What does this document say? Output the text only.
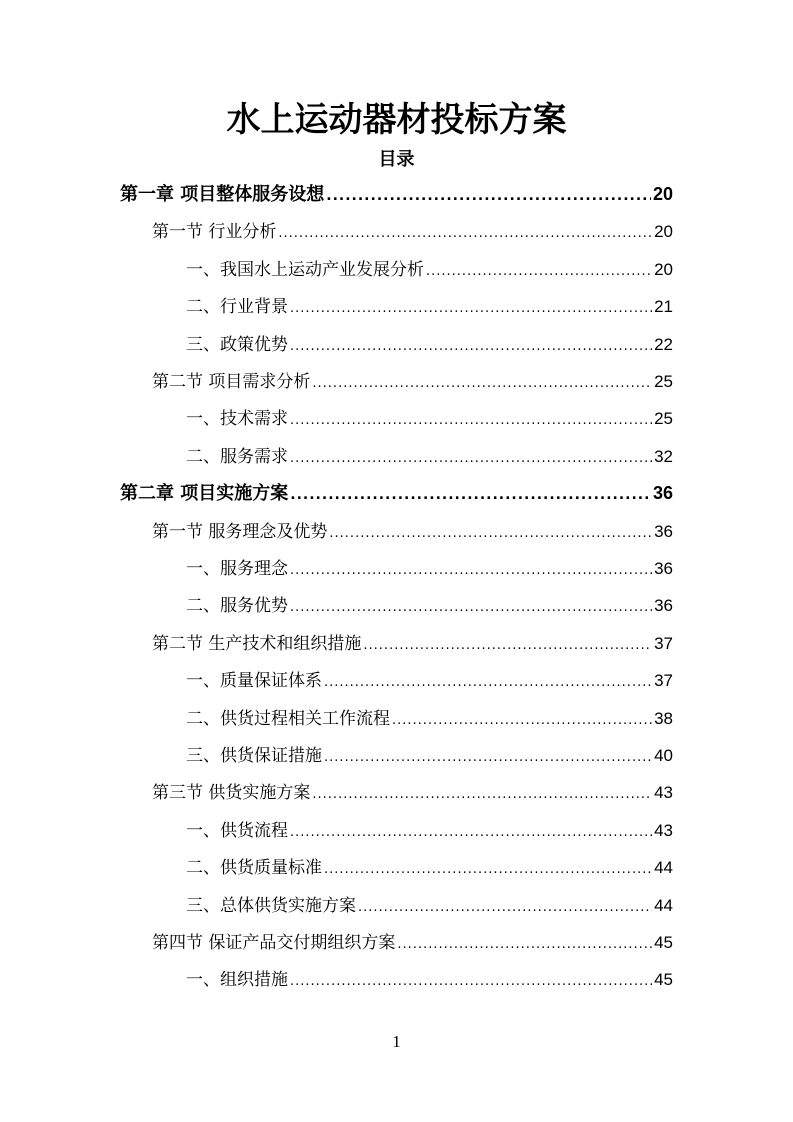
水上运动器材投标方案
目录
第一章 项目整体服务设想 .....	20
第一节 行业分析 .....	20
一、我国水上运动产业发展分析 .....	20
二、行业背景 .....	21
三、政策优势 .....	22
第二节 项目需求分析 .....	25
一、技术需求 .....	25
二、服务需求 .....	32
第二章 项目实施方案 .....	36
第一节 服务理念及优势 .....	36
一、服务理念 .....	36
二、服务优势 .....	36
第二节 生产技术和组织措施 .....	37
一、质量保证体系 .....	37
二、供货过程相关工作流程 .....	38
三、供货保证措施 .....	40
第三节 供货实施方案 .....	43
一、供货流程 .....	43
二、供货质量标准 .....	44
三、总体供货实施方案 .....	44
第四节 保证产品交付期组织方案 .....	45
一、组织措施 .....	45
1
